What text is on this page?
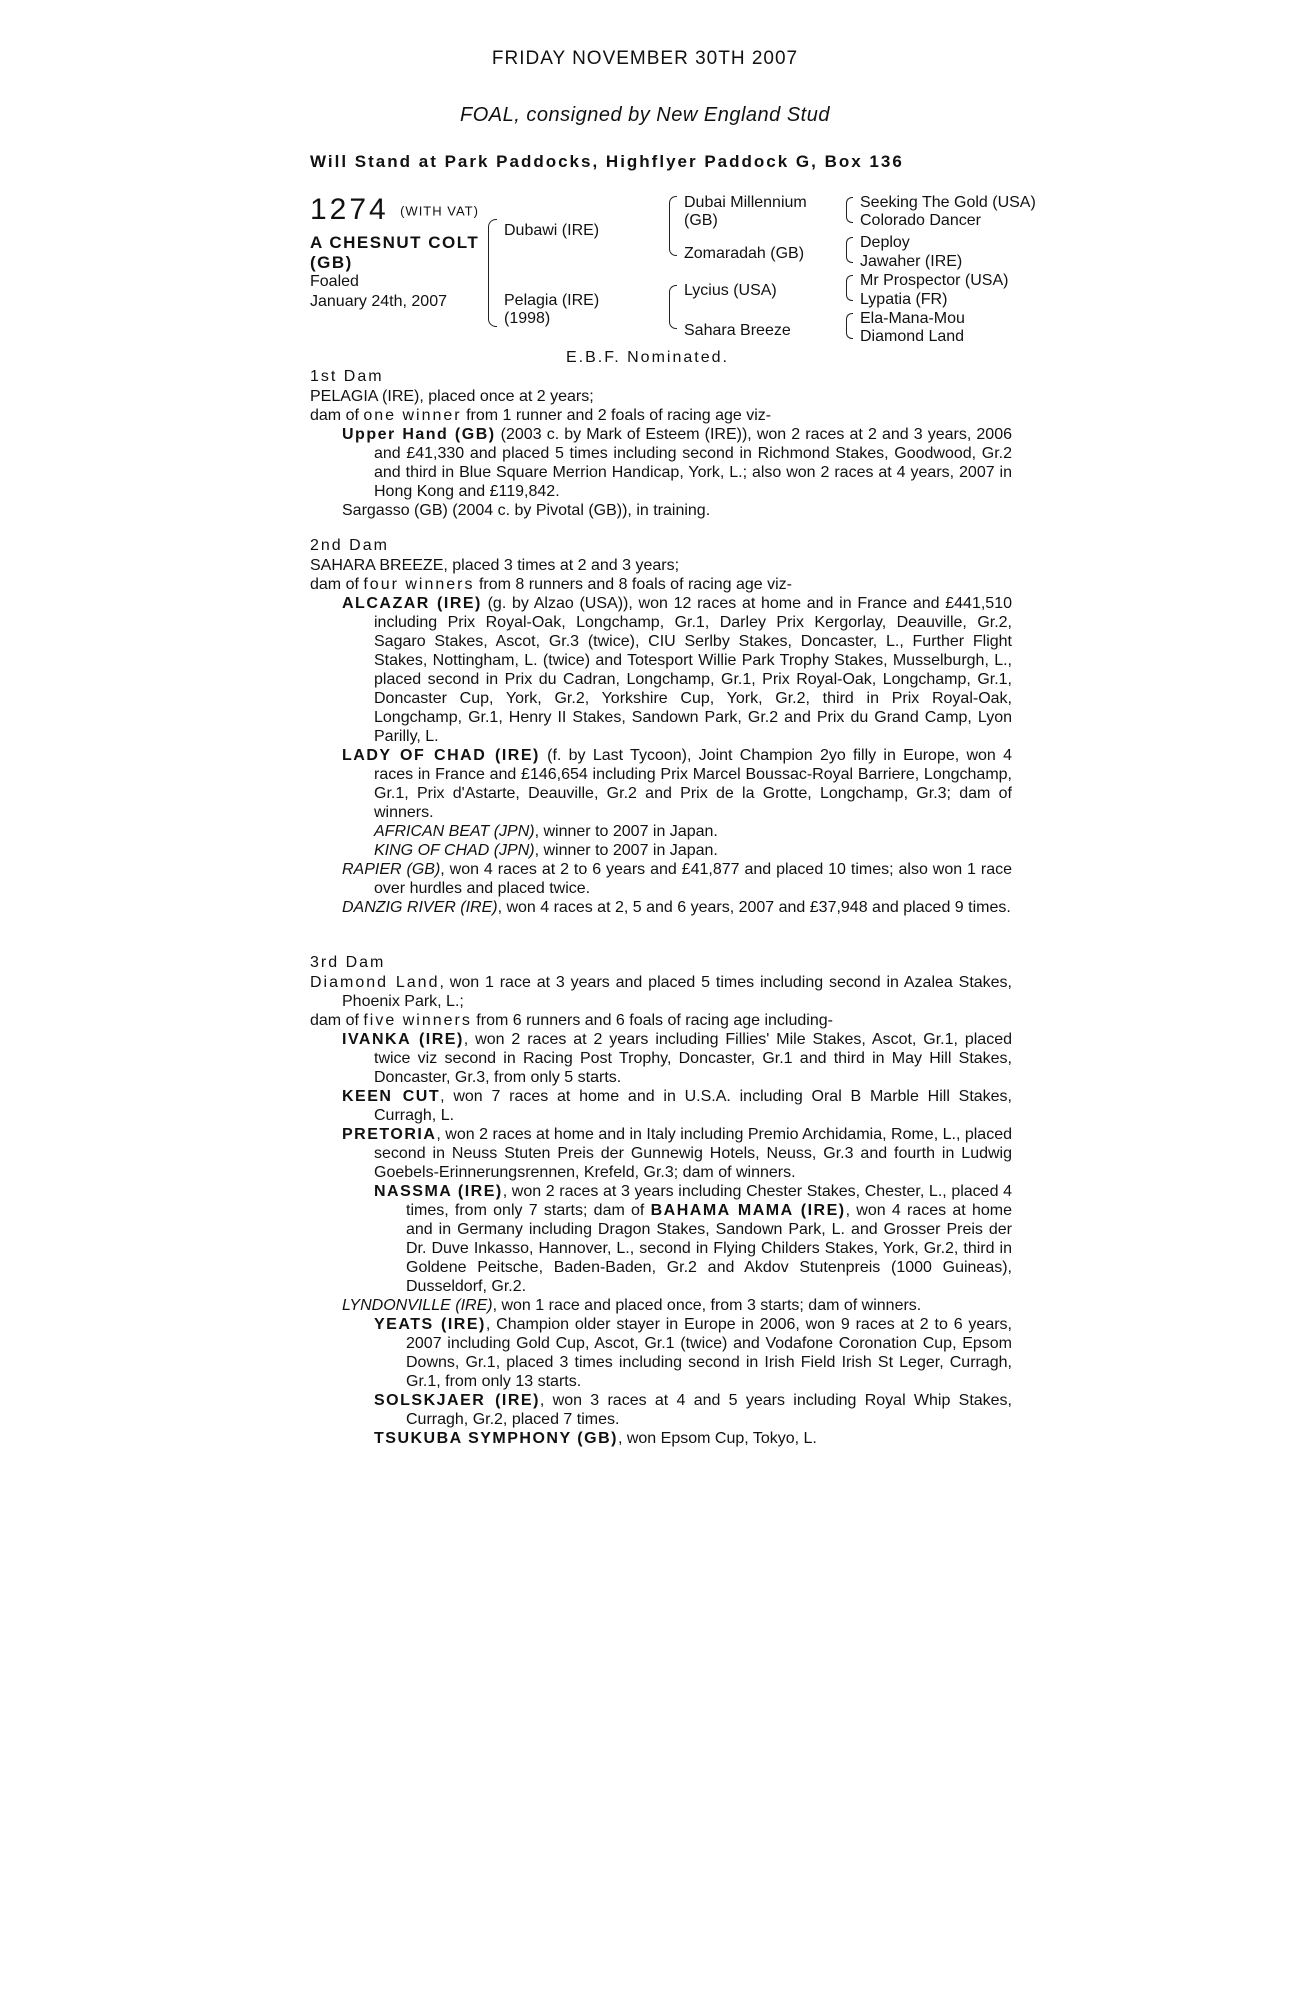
FRIDAY NOVEMBER 30TH 2007
FOAL, consigned by New England Stud
Will Stand at Park Paddocks, Highflyer Paddock G, Box 136
1274 (WITH VAT)
A CHESNUT COLT
(GB)
Foaled
January 24th, 2007
Dubawi (IRE)
Pelagia (IRE)
(1998)
Dubai Millennium
(GB)
Zomaradah (GB)
Lycius (USA)
Sahara Breeze
Seeking The Gold (USA)
Colorado Dancer
Deploy
Jawaher (IRE)
Mr Prospector (USA)
Lypatia (FR)
Ela-Mana-Mou
Diamond Land
E.B.F. Nominated.
1st Dam
PELAGIA (IRE), placed once at 2 years;
dam of one winner from 1 runner and 2 foals of racing age viz-
Upper Hand (GB) (2003 c. by Mark of Esteem (IRE)), won 2 races at 2 and 3 years, 2006 and £41,330 and placed 5 times including second in Richmond Stakes, Goodwood, Gr.2 and third in Blue Square Merrion Handicap, York, L.; also won 2 races at 4 years, 2007 in Hong Kong and £119,842.
Sargasso (GB) (2004 c. by Pivotal (GB)), in training.
2nd Dam
SAHARA BREEZE, placed 3 times at 2 and 3 years;
dam of four winners from 8 runners and 8 foals of racing age viz-
ALCAZAR (IRE) (g. by Alzao (USA)), won 12 races at home and in France and £441,510 including Prix Royal-Oak, Longchamp, Gr.1, Darley Prix Kergorlay, Deauville, Gr.2, Sagaro Stakes, Ascot, Gr.3 (twice), CIU Serlby Stakes, Doncaster, L., Further Flight Stakes, Nottingham, L. (twice) and Totesport Willie Park Trophy Stakes, Musselburgh, L., placed second in Prix du Cadran, Longchamp, Gr.1, Prix Royal-Oak, Longchamp, Gr.1, Doncaster Cup, York, Gr.2, Yorkshire Cup, York, Gr.2, third in Prix Royal-Oak, Longchamp, Gr.1, Henry II Stakes, Sandown Park, Gr.2 and Prix du Grand Camp, Lyon Parilly, L.
LADY OF CHAD (IRE) (f. by Last Tycoon), Joint Champion 2yo filly in Europe, won 4 races in France and £146,654 including Prix Marcel Boussac-Royal Barriere, Longchamp, Gr.1, Prix d'Astarte, Deauville, Gr.2 and Prix de la Grotte, Longchamp, Gr.3; dam of winners.
AFRICAN BEAT (JPN), winner to 2007 in Japan.
KING OF CHAD (JPN), winner to 2007 in Japan.
RAPIER (GB), won 4 races at 2 to 6 years and £41,877 and placed 10 times; also won 1 race over hurdles and placed twice.
DANZIG RIVER (IRE), won 4 races at 2, 5 and 6 years, 2007 and £37,948 and placed 9 times.
3rd Dam
Diamond Land, won 1 race at 3 years and placed 5 times including second in Azalea Stakes, Phoenix Park, L.;
dam of five winners from 6 runners and 6 foals of racing age including-
IVANKA (IRE), won 2 races at 2 years including Fillies' Mile Stakes, Ascot, Gr.1, placed twice viz second in Racing Post Trophy, Doncaster, Gr.1 and third in May Hill Stakes, Doncaster, Gr.3, from only 5 starts.
KEEN CUT, won 7 races at home and in U.S.A. including Oral B Marble Hill Stakes, Curragh, L.
PRETORIA, won 2 races at home and in Italy including Premio Archidamia, Rome, L., placed second in Neuss Stuten Preis der Gunnewig Hotels, Neuss, Gr.3 and fourth in Ludwig Goebels-Erinnerungsrennen, Krefeld, Gr.3; dam of winners.
NASSMA (IRE), won 2 races at 3 years including Chester Stakes, Chester, L., placed 4 times, from only 7 starts; dam of BAHAMA MAMA (IRE), won 4 races at home and in Germany including Dragon Stakes, Sandown Park, L. and Grosser Preis der Dr. Duve Inkasso, Hannover, L., second in Flying Childers Stakes, York, Gr.2, third in Goldene Peitsche, Baden-Baden, Gr.2 and Akdov Stutenpreis (1000 Guineas), Dusseldorf, Gr.2.
LYNDONVILLE (IRE), won 1 race and placed once, from 3 starts; dam of winners.
YEATS (IRE), Champion older stayer in Europe in 2006, won 9 races at 2 to 6 years, 2007 including Gold Cup, Ascot, Gr.1 (twice) and Vodafone Coronation Cup, Epsom Downs, Gr.1, placed 3 times including second in Irish Field Irish St Leger, Curragh, Gr.1, from only 13 starts.
SOLSKJAER (IRE), won 3 races at 4 and 5 years including Royal Whip Stakes, Curragh, Gr.2, placed 7 times.
TSUKUBA SYMPHONY (GB), won Epsom Cup, Tokyo, L.
